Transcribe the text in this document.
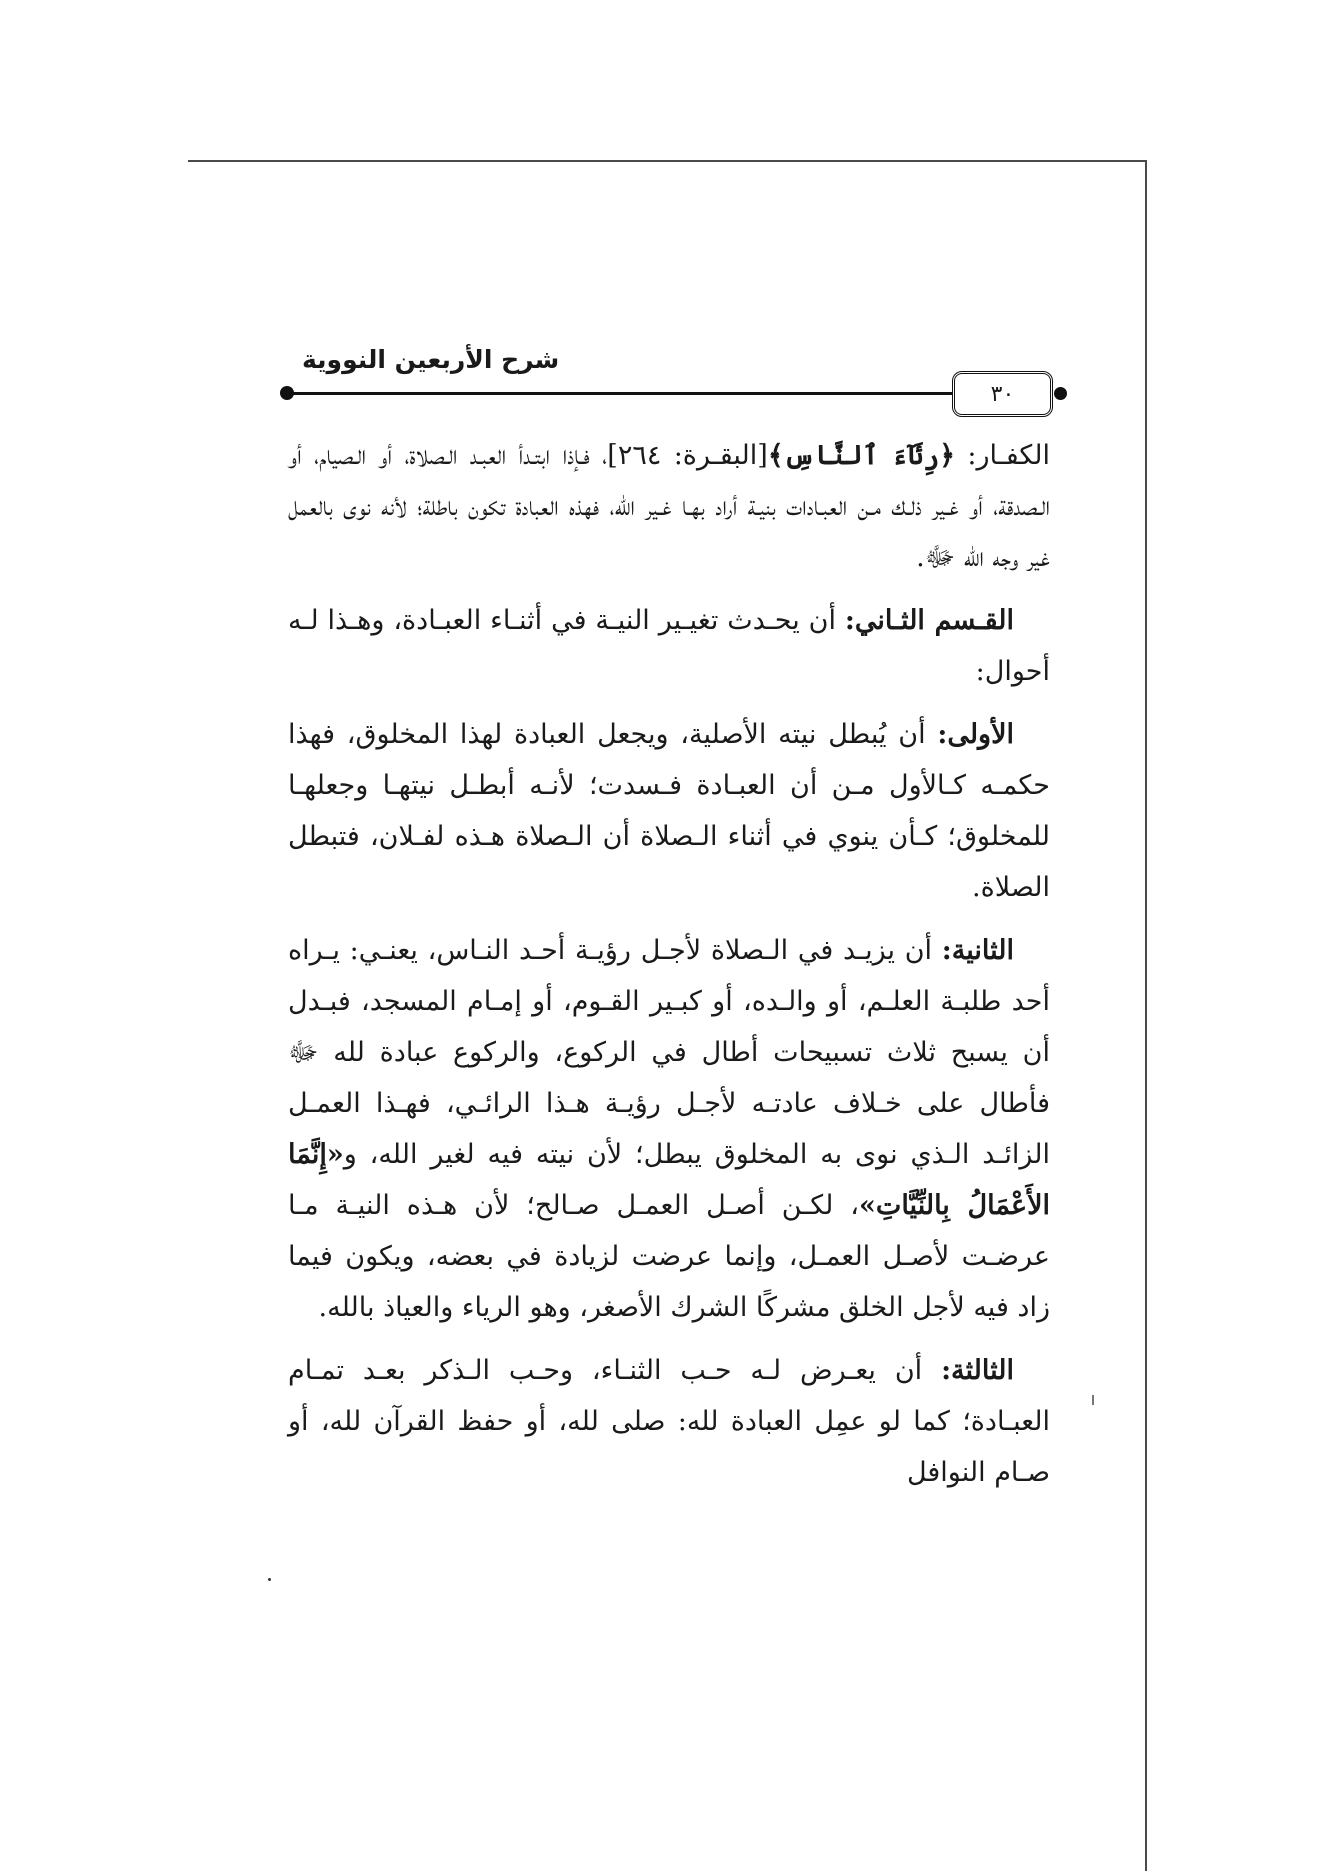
شرح الأربعين النووية
٣٠

الكفـار: ﴿رِئَآءَ ٱلنَّاسِ﴾[البقـرة: ٢٦٤]، فـإذا ابتـدأ العبـد الـصلاة، أو الـصيام، أو الـصدقة، أو غـير ذلـك مـن العبـادات بنيـة أراد بهـا غـير الله، فهذه العبادة تكون باطلة؛ لأنه نوى بالعمل غير وجه الله ﷻ.

القـسم الثـاني: أن يحـدث تغيـير النيـة في أثنـاء العبـادة، وهـذا لـه أحوال:

الأولى: أن يُبطل نيته الأصلية، ويجعل العبادة لهذا المخلوق، فهذا حكمـه كـالأول مـن أن العبـادة فـسدت؛ لأنـه أبطـل نيتهـا وجعلهـا للمخلوق؛ كـأن ينوي في أثناء الـصلاة أن الـصلاة هـذه لفـلان، فتبطل الصلاة.

الثانية: أن يزيـد في الـصلاة لأجـل رؤيـة أحـد النـاس، يعنـي: يـراه أحد طلبـة العلـم، أو والـده، أو كبـير القـوم، أو إمـام المسجد، فبـدل أن يسبح ثلاث تسبيحات أطال في الركوع، والركوع عبادة لله ﷻ فأطال على خـلاف عادتـه لأجـل رؤيـة هـذا الرائـي، فهـذا العمـل الزائـد الـذي نوى به المخلوق يبطل؛ لأن نيته فيه لغير الله، و«إِنَّمَا الأَعْمَالُ بِالنِّيَّاتِ»، لكـن أصـل العمـل صـالح؛ لأن هـذه النيـة مـا عرضـت لأصـل العمـل، وإنما عرضت لزيادة في بعضه، ويكون فيما زاد فيه لأجل الخلق مشركًا الشرك الأصغر، وهو الرياء والعياذ بالله.

الثالثة: أن يعـرض لـه حـب الثنـاء، وحـب الـذكر بعـد تمـام العبـادة؛ كما لو عمِل العبادة لله: صلى لله، أو حفظ القرآن لله، أو صـام النوافل
